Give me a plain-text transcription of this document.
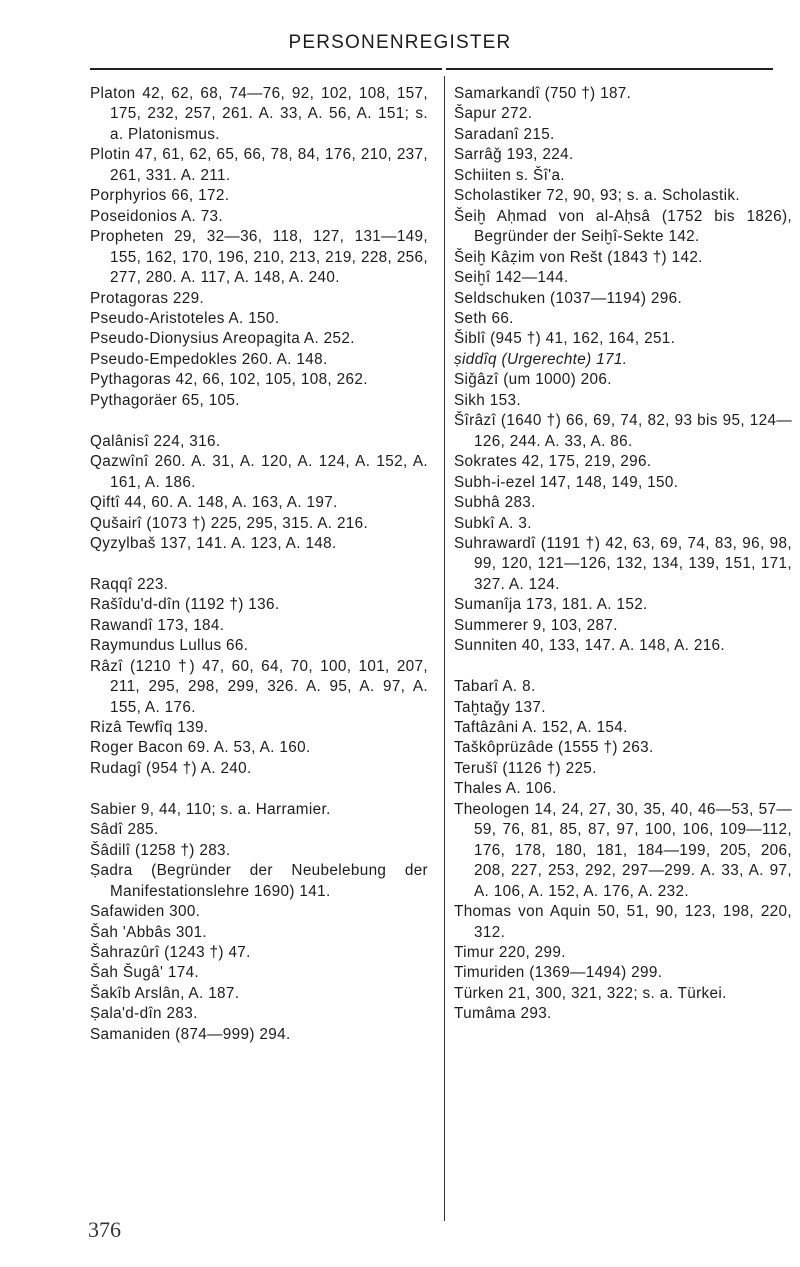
PERSONENREGISTER
Platon 42, 62, 68, 74—76, 92, 102, 108, 157, 175, 232, 257, 261. A. 33, A. 56, A. 151; s. a. Platonismus.
Plotin 47, 61, 62, 65, 66, 78, 84, 176, 210, 237, 261, 331. A. 211.
Porphyrios 66, 172.
Poseidonios A. 73.
Propheten 29, 32—36, 118, 127, 131—149, 155, 162, 170, 196, 210, 213, 219, 228, 256, 277, 280. A. 117, A. 148, A. 240.
Protagoras 229.
Pseudo-Aristoteles A. 150.
Pseudo-Dionysius Areopagita A. 252.
Pseudo-Empedokles 260. A. 148.
Pythagoras 42, 66, 102, 105, 108, 262.
Pythagoräer 65, 105.
Qalânisî 224, 316.
Qazwînî 260. A. 31, A. 120, A. 124, A. 152, A. 161, A. 186.
Qiftî 44, 60. A. 148, A. 163, A. 197.
Qušairî (1073 †) 225, 295, 315. A. 216.
Qyzylbaš 137, 141. A. 123, A. 148.
Raqqî 223.
Rašîdu'd-dîn (1192 †) 136.
Rawandî 173, 184.
Raymundus Lullus 66.
Râzî (1210 †) 47, 60, 64, 70, 100, 101, 207, 211, 295, 298, 299, 326. A. 95, A. 97, A. 155, A. 176.
Rizâ Tewfîq 139.
Roger Bacon 69. A. 53, A. 160.
Rudagî (954 †) A. 240.
Sabier 9, 44, 110; s. a. Harramier.
Sâdî 285.
Šâdilî (1258 †) 283.
Ṣadra (Begründer der Neubelebung der Manifestationslehre 1690) 141.
Safawiden 300.
Šah 'Abbâs 301.
Šahrazûrî (1243 †) 47.
Šah Šugâ' 174.
Šakîb Arslân, A. 187.
Ṣala'd-dîn 283.
Samaniden (874—999) 294.
Samarkandî (750 †) 187.
Šapur 272.
Saradanî 215.
Sarrâǧ 193, 224.
Schiiten s. Šî'a.
Scholastiker 72, 90, 93; s. a. Scholastik.
Šeiḫ Aḥmad von al-Aḥsâ (1752 bis 1826), Begründer der Seiḫî-Sekte 142.
Šeiḫ Kâẓim von Rešt (1843 †) 142.
Seiḫî 142—144.
Seldschuken (1037—1194) 296.
Seth 66.
Šiblî (945 †) 41, 162, 164, 251.
ṣiddîq (Urgerechte) 171.
Siǧâzî (um 1000) 206.
Sikh 153.
Šîrâzî (1640 †) 66, 69, 74, 82, 93 bis 95, 124—126, 244. A. 33, A. 86.
Sokrates 42, 175, 219, 296.
Subh-i-ezel 147, 148, 149, 150.
Subhâ 283.
Subkî A. 3.
Suhrawardî (1191 †) 42, 63, 69, 74, 83, 96, 98, 99, 120, 121—126, 132, 134, 139, 151, 171, 327. A. 124.
Sumanîja 173, 181. A. 152.
Summerer 9, 103, 287.
Sunniten 40, 133, 147. A. 148, A. 216.
Tabarî A. 8.
Taḫtaǧy 137.
Taftâzâni A. 152, A. 154.
Taškôprüzâde (1555 †) 263.
Terušî (1126 †) 225.
Thales A. 106.
Theologen 14, 24, 27, 30, 35, 40, 46—53, 57—59, 76, 81, 85, 87, 97, 100, 106, 109—112, 176, 178, 180, 181, 184—199, 205, 206, 208, 227, 253, 292, 297—299. A. 33, A. 97, A. 106, A. 152, A. 176, A. 232.
Thomas von Aquin 50, 51, 90, 123, 198, 220, 312.
Timur 220, 299.
Timuriden (1369—1494) 299.
Türken 21, 300, 321, 322; s. a. Türkei.
Tumâma 293.
376
